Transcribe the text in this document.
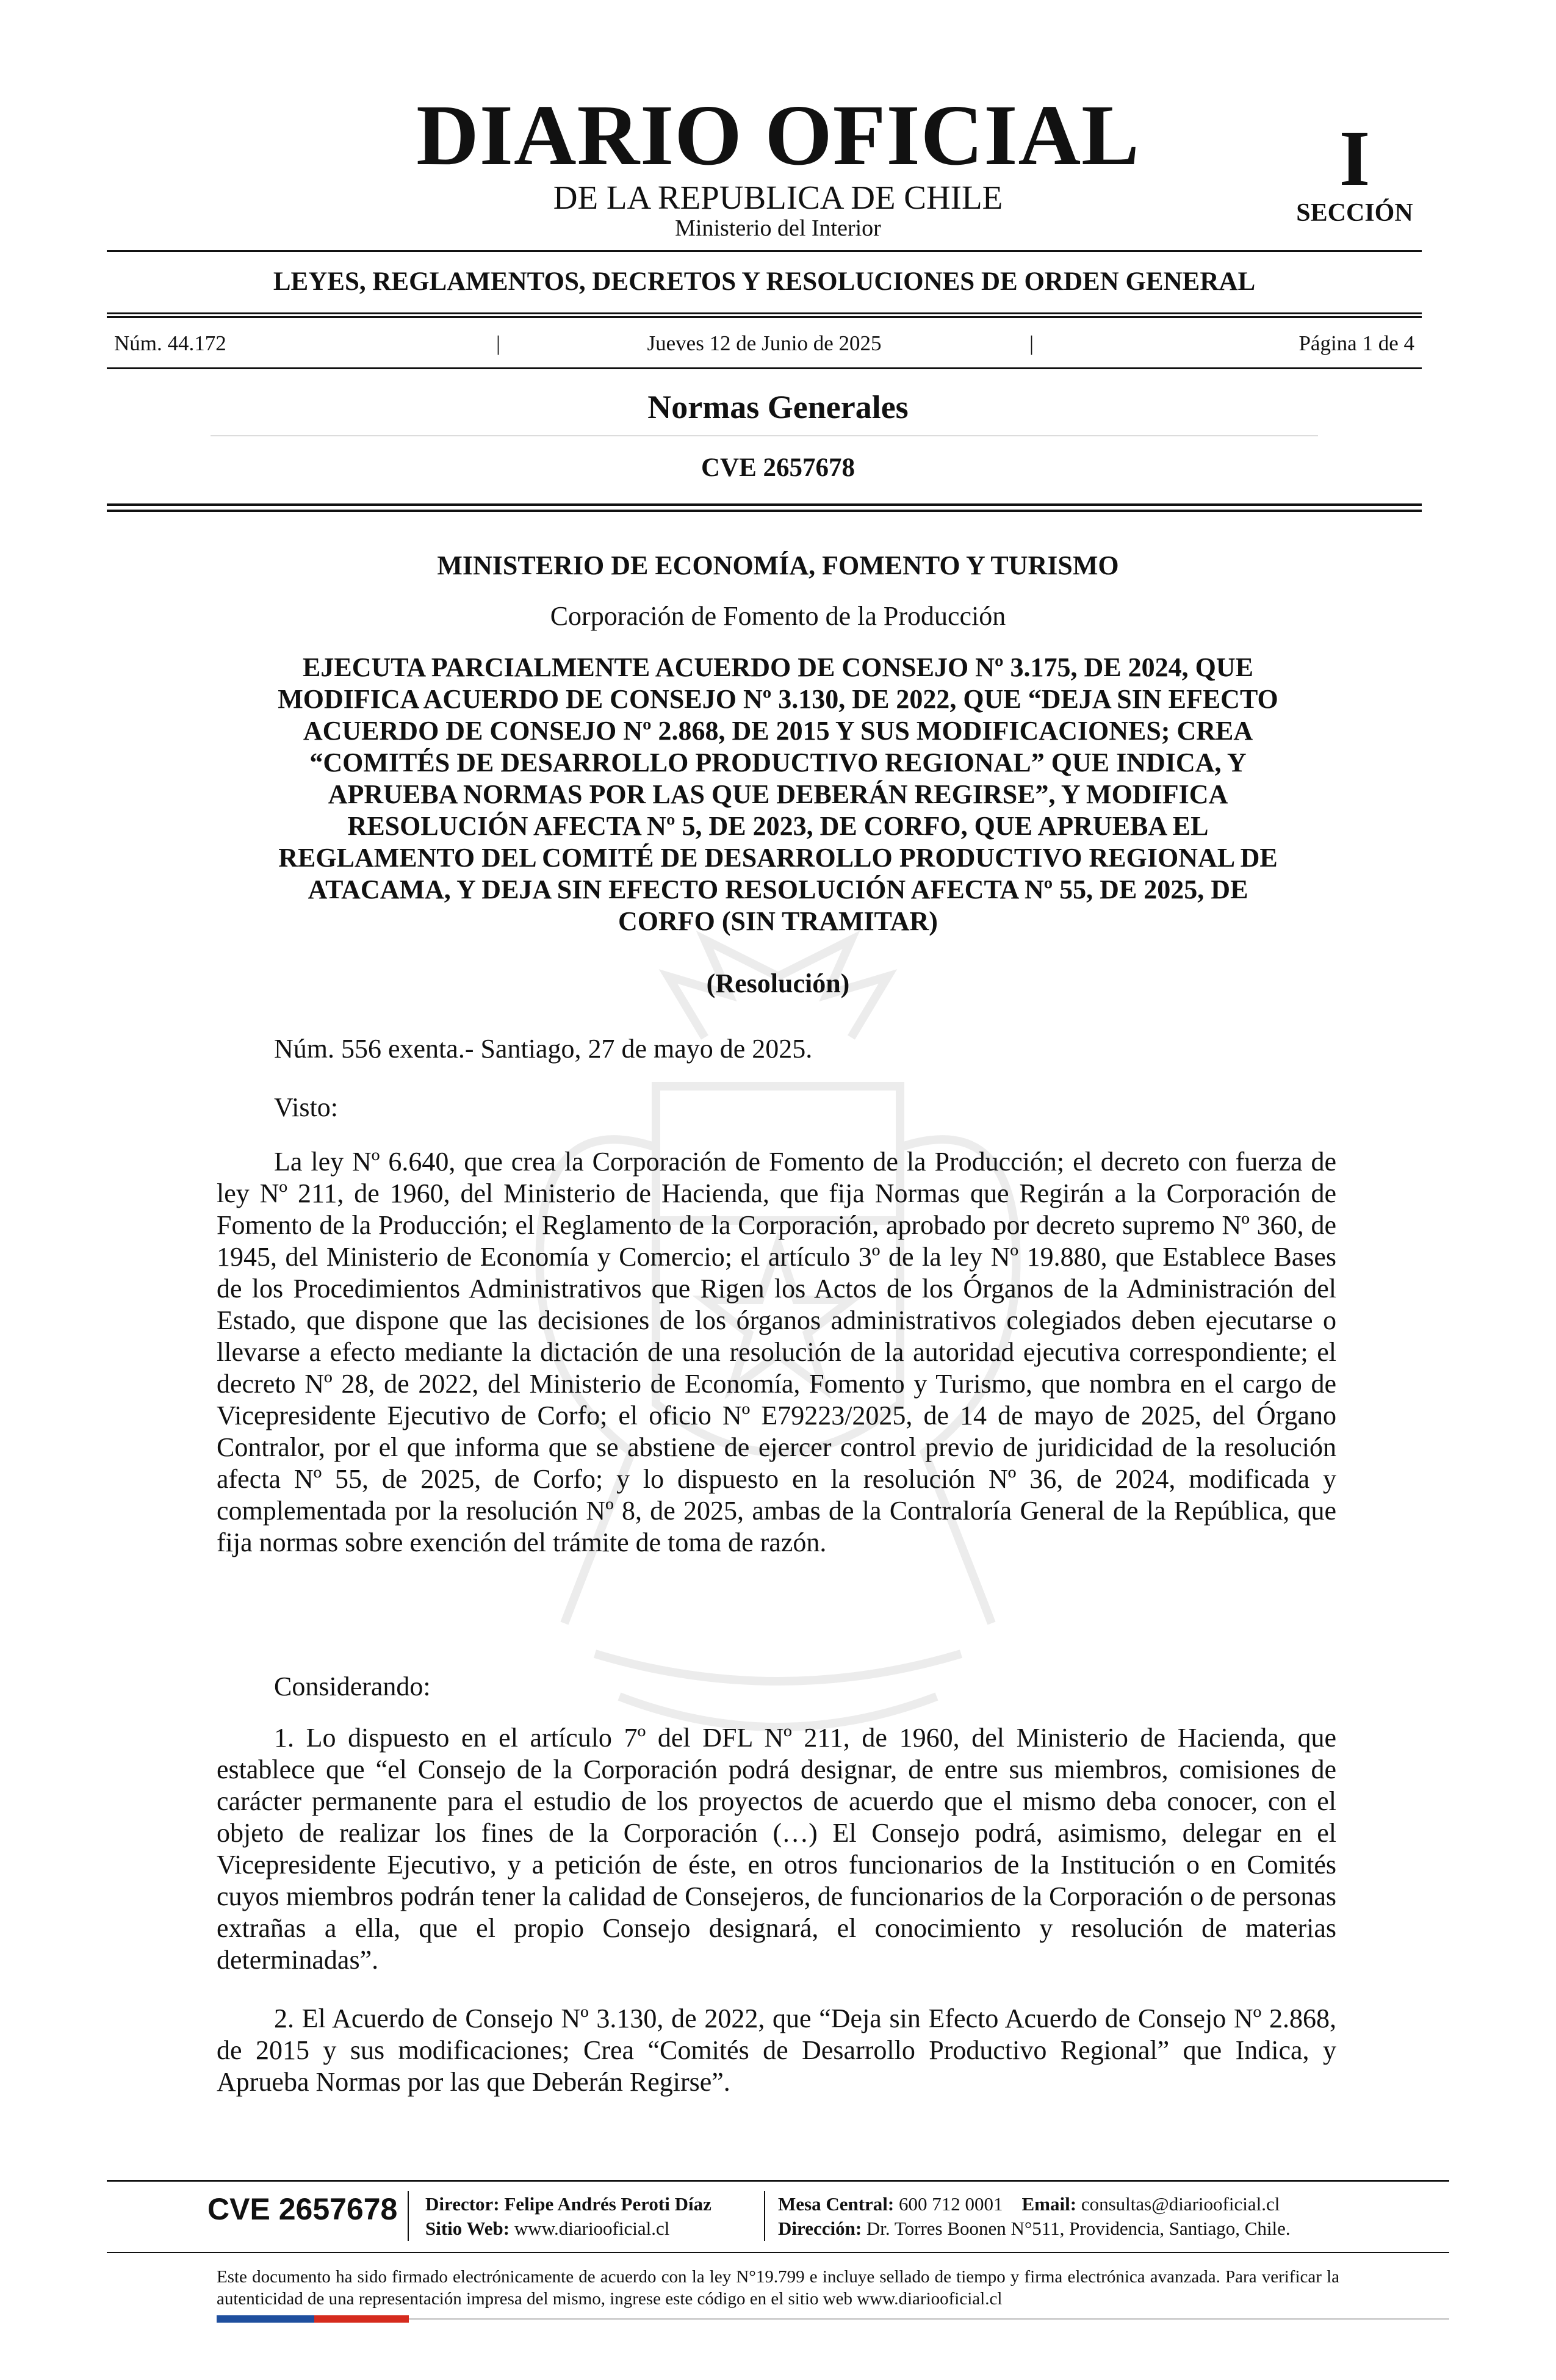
DIARIO OFICIAL
DE LA REPUBLICA DE CHILE
Ministerio del Interior
I
SECCIÓN
LEYES, REGLAMENTOS, DECRETOS Y RESOLUCIONES DE ORDEN GENERAL
Núm. 44.172	|	Jueves 12 de Junio de 2025	|	Página 1 de 4
Normas Generales
CVE 2657678
MINISTERIO DE ECONOMÍA, FOMENTO Y TURISMO
Corporación de Fomento de la Producción
EJECUTA PARCIALMENTE ACUERDO DE CONSEJO Nº 3.175, DE 2024, QUE
MODIFICA ACUERDO DE CONSEJO Nº 3.130, DE 2022, QUE “DEJA SIN EFECTO
ACUERDO DE CONSEJO Nº 2.868, DE 2015 Y SUS MODIFICACIONES; CREA
“COMITÉS DE DESARROLLO PRODUCTIVO REGIONAL” QUE INDICA, Y
APRUEBA NORMAS POR LAS QUE DEBERÁN REGIRSE”, Y MODIFICA
RESOLUCIÓN AFECTA Nº 5, DE 2023, DE CORFO, QUE APRUEBA EL
REGLAMENTO DEL COMITÉ DE DESARROLLO PRODUCTIVO REGIONAL DE
ATACAMA, Y DEJA SIN EFECTO RESOLUCIÓN AFECTA Nº 55, DE 2025, DE
CORFO (SIN TRAMITAR)
(Resolución)
Núm. 556 exenta.- Santiago, 27 de mayo de 2025.
Visto:

La ley Nº 6.640, que crea la Corporación de Fomento de la Producción; el decreto con fuerza de ley Nº 211, de 1960, del Ministerio de Hacienda, que fija Normas que Regirán a la Corporación de Fomento de la Producción; el Reglamento de la Corporación, aprobado por decreto supremo Nº 360, de 1945, del Ministerio de Economía y Comercio; el artículo 3º de la ley Nº 19.880, que Establece Bases de los Procedimientos Administrativos que Rigen los Actos de los Órganos de la Administración del Estado, que dispone que las decisiones de los órganos administrativos colegiados deben ejecutarse o llevarse a efecto mediante la dictación de una resolución de la autoridad ejecutiva correspondiente; el decreto Nº 28, de 2022, del Ministerio de Economía, Fomento y Turismo, que nombra en el cargo de Vicepresidente Ejecutivo de Corfo; el oficio Nº E79223/2025, de 14 de mayo de 2025, del Órgano Contralor, por el que informa que se abstiene de ejercer control previo de juridicidad de la resolución afecta Nº 55, de 2025, de Corfo; y lo dispuesto en la resolución Nº 36, de 2024, modificada y complementada por la resolución Nº 8, de 2025, ambas de la Contraloría General de la República, que fija normas sobre exención del trámite de toma de razón.

Considerando:

1. Lo dispuesto en el artículo 7º del DFL Nº 211, de 1960, del Ministerio de Hacienda, que establece que “el Consejo de la Corporación podrá designar, de entre sus miembros, comisiones de carácter permanente para el estudio de los proyectos de acuerdo que el mismo deba conocer, con el objeto de realizar los fines de la Corporación (…) El Consejo podrá, asimismo, delegar en el Vicepresidente Ejecutivo, y a petición de éste, en otros funcionarios de la Institución o en Comités cuyos miembros podrán tener la calidad de Consejeros, de funcionarios de la Corporación o de personas extrañas a ella, que el propio Consejo designará, el conocimiento y resolución de materias determinadas”.

2. El Acuerdo de Consejo Nº 3.130, de 2022, que “Deja sin Efecto Acuerdo de Consejo Nº 2.868, de 2015 y sus modificaciones; Crea “Comités de Desarrollo Productivo Regional” que Indica, y Aprueba Normas por las que Deberán Regirse”.

CVE 2657678 Director: Felipe Andrés Peroti Díaz
Sitio Web: www.diariooficial.cl
Mesa Central: 600 712 0001 Email: consultas@diariooficial.cl
Dirección: Dr. Torres Boonen N°511, Providencia, Santiago, Chile.
Este documento ha sido firmado electrónicamente de acuerdo con la ley N°19.799 e incluye sellado de tiempo y firma electrónica avanzada. Para verificar la autenticidad de una representación impresa del mismo, ingrese este código en el sitio web www.diariooficial.cl
